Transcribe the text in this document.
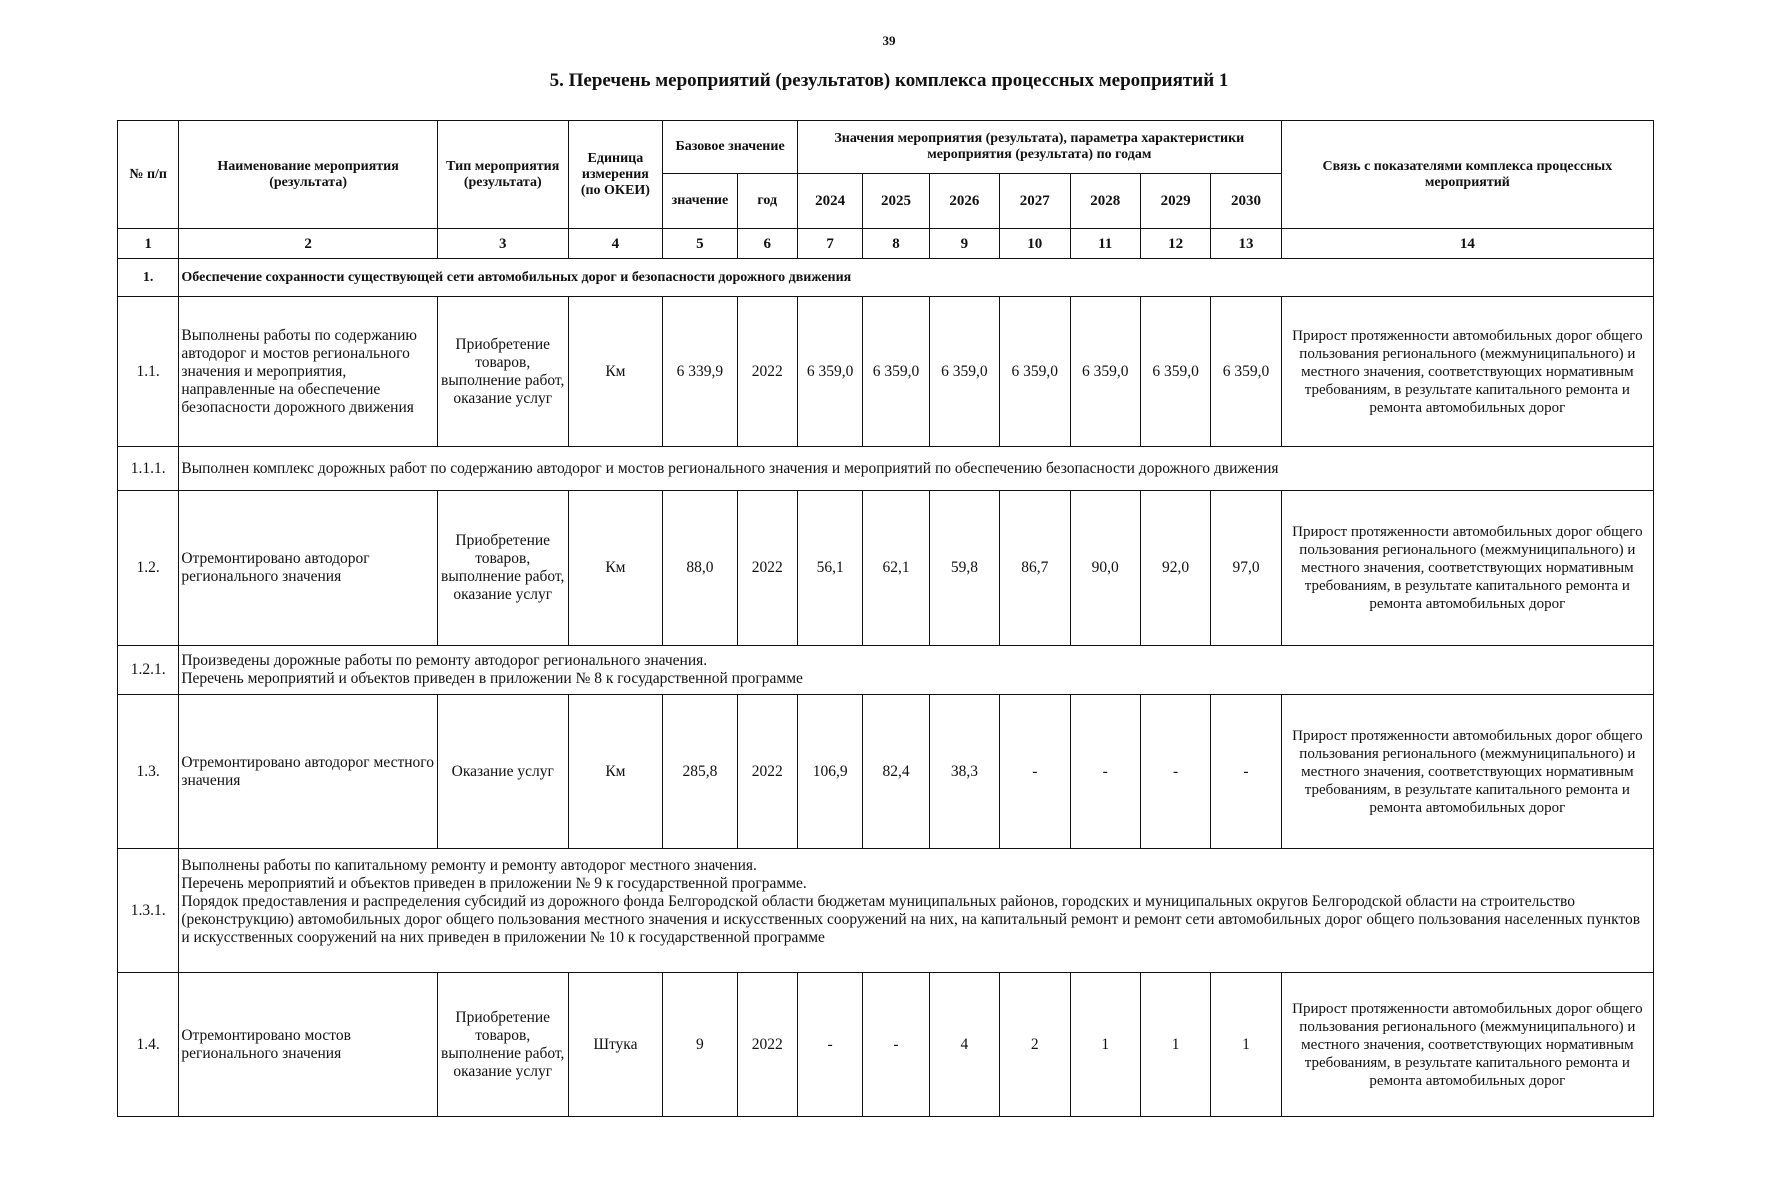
39
5. Перечень мероприятий (результатов) комплекса процессных мероприятий 1
№ п/п	Наименование мероприятия (результата)	Тип мероприятия (результата)	Единица измерения (по ОКЕИ)	Базовое значение		Значения мероприятия (результата), параметра характеристики мероприятия (результата) по годам							Связь с показателями комплекса процессных мероприятий
				значение	год	2024	2025	2026	2027	2028	2029	2030	
1	2	3	4	5	6	7	8	9	10	11	12	13	14
1.	Обеспечение сохранности существующей сети автомобильных дорог и безопасности дорожного движения												
1.1.	Выполнены работы по содержанию автодорог и мостов регионального значения и мероприятия, направленные на обеспечение безопасности дорожного движения	Приобретение товаров, выполнение работ, оказание услуг	Км	6 339,9	2022	6 359,0	6 359,0	6 359,0	6 359,0	6 359,0	6 359,0	6 359,0	Прирост протяженности автомобильных дорог общего пользования регионального (межмуниципального) и местного значения, соответствующих нормативным требованиям, в результате капитального ремонта и ремонта автомобильных дорог
1.1.1.	Выполнен комплекс дорожных работ по содержанию автодорог и мостов регионального значения и мероприятий по обеспечению безопасности дорожного движения												

1.2.	Отремонтировано автодорог регионального значения	Приобретение товаров, выполнение работ, оказание услуг	Км	88,0	2022	56,1	62,1	59,8	86,7	90,0	92,0	97,0	Прирост протяженности автомобильных дорог общего пользования регионального (межмуниципального) и местного значения, соответствующих нормативным требованиям, в результате капитального ремонта и ремонта автомобильных дорог
1.2.1.	Произведены дорожные работы по ремонту автодорог регионального значения.
Перечень мероприятий и объектов приведен в приложении № 8 к государственной программе												

1.3.	Отремонтировано автодорог местного значения	Оказание услуг	Км	285,8	2022	106,9	82,4	38,3	-	-	-	-	Прирост протяженности автомобильных дорог общего пользования регионального (межмуниципального) и местного значения, соответствующих нормативным требованиям, в результате капитального ремонта и ремонта автомобильных дорог
1.3.1.	Выполнены работы по капитальному ремонту и ремонту автодорог местного значения.
Перечень мероприятий и объектов приведен в приложении № 9 к государственной программе.
Порядок предоставления и распределения субсидий из дорожного фонда Белгородской области бюджетам муниципальных районов, городских и муниципальных округов Белгородской области на строительство (реконструкцию) автомобильных дорог общего пользования местного значения и искусственных сооружений на них, на капитальный ремонт и ремонт сети автомобильных дорог общего пользования населенных пунктов и искусственных сооружений на них приведен в приложении № 10 к государственной программе												

1.4.	Отремонтировано мостов регионального значения	Приобретение товаров, выполнение работ, оказание услуг	Штука	9	2022	-	-	4	2	1	1	1	Прирост протяженности автомобильных дорог общего пользования регионального (межмуниципального) и местного значения, соответствующих нормативным требованиям, в результате капитального ремонта и ремонта автомобильных дорог
